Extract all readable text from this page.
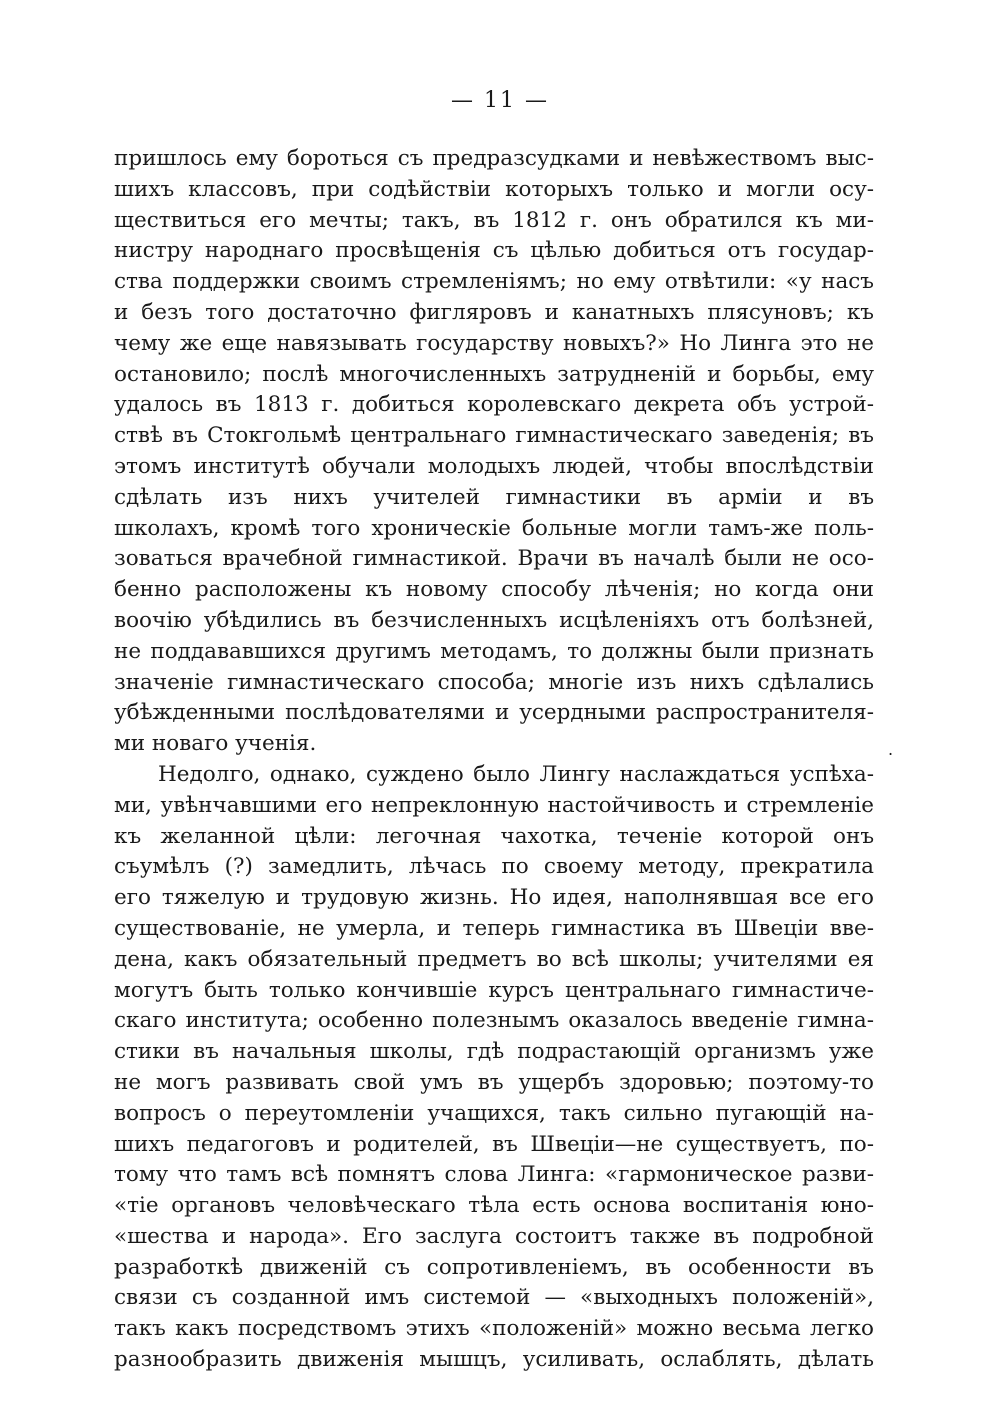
— 11 —
пришлось ему бороться съ предразсудками и невѣжествомъ выс-
шихъ классовъ, при содѣйствіи которыхъ только и могли осу-
ществиться его мечты; такъ, въ 1812 г. онъ обратился къ ми-
нистру народнаго просвѣщенія съ цѣлью добиться отъ государ-
ства поддержки своимъ стремленіямъ; но ему отвѣтили: «у насъ
и безъ того достаточно фигляровъ и канатныхъ плясуновъ; къ
чему же еще навязывать государству новыхъ?» Но Линга это не
остановило; послѣ многочисленныхъ затрудненій и борьбы, ему
удалось въ 1813 г. добиться королевскаго декрета объ устрой-
ствѣ въ Стокгольмѣ центральнаго гимнастическаго заведенія; въ
этомъ институтѣ обучали молодыхъ людей, чтобы впослѣдствіи
сдѣлать изъ нихъ учителей гимнастики въ арміи и въ
школахъ, кромѣ того хроническіе больные могли тамъ-же поль-
зоваться врачебной гимнастикой. Врачи въ началѣ были не осо-
бенно расположены къ новому способу лѣченія; но когда они
воочію убѣдились въ безчисленныхъ исцѣленіяхъ отъ болѣзней,
не поддававшихся другимъ методамъ, то должны были признать
значеніе гимнастическаго способа; многіе изъ нихъ сдѣлались
убѣжденными послѣдователями и усердными распространителя-
ми новаго ученія.
Недолго, однако, суждено было Лингу наслаждаться успѣха-
ми, увѣнчавшими его непреклонную настойчивость и стремленіе
къ желанной цѣли: легочная чахотка, теченіе которой онъ
съумѣлъ (?) замедлить, лѣчась по своему методу, прекратила
его тяжелую и трудовую жизнь. Но идея, наполнявшая все его
существованіе, не умерла, и теперь гимнастика въ Швеціи вве-
дена, какъ обязательный предметъ во всѣ школы; учителями ея
могутъ быть только кончившіе курсъ центральнаго гимнастиче-
скаго института; особенно полезнымъ оказалось введеніе гимна-
стики въ начальныя школы, гдѣ подрастающій организмъ уже
не могъ развивать свой умъ въ ущербъ здоровью; поэтому-то
вопросъ о переутомленіи учащихся, такъ сильно пугающій на-
шихъ педагоговъ и родителей, въ Швеціи—не существуетъ, по-
тому что тамъ всѣ помнятъ слова Линга: «гармоническое разви-
«тіе органовъ человѣческаго тѣла есть основа воспитанія юно-
«шества и народа». Его заслуга состоитъ также въ подробной
разработкѣ движеній съ сопротивленіемъ, въ особенности въ
связи съ созданной имъ системой — «выходныхъ положеній»,
такъ какъ посредствомъ этихъ «положеній» можно весьма легко
разнообразить движенія мышцъ, усиливать, ослаблять, дѣлать
.
